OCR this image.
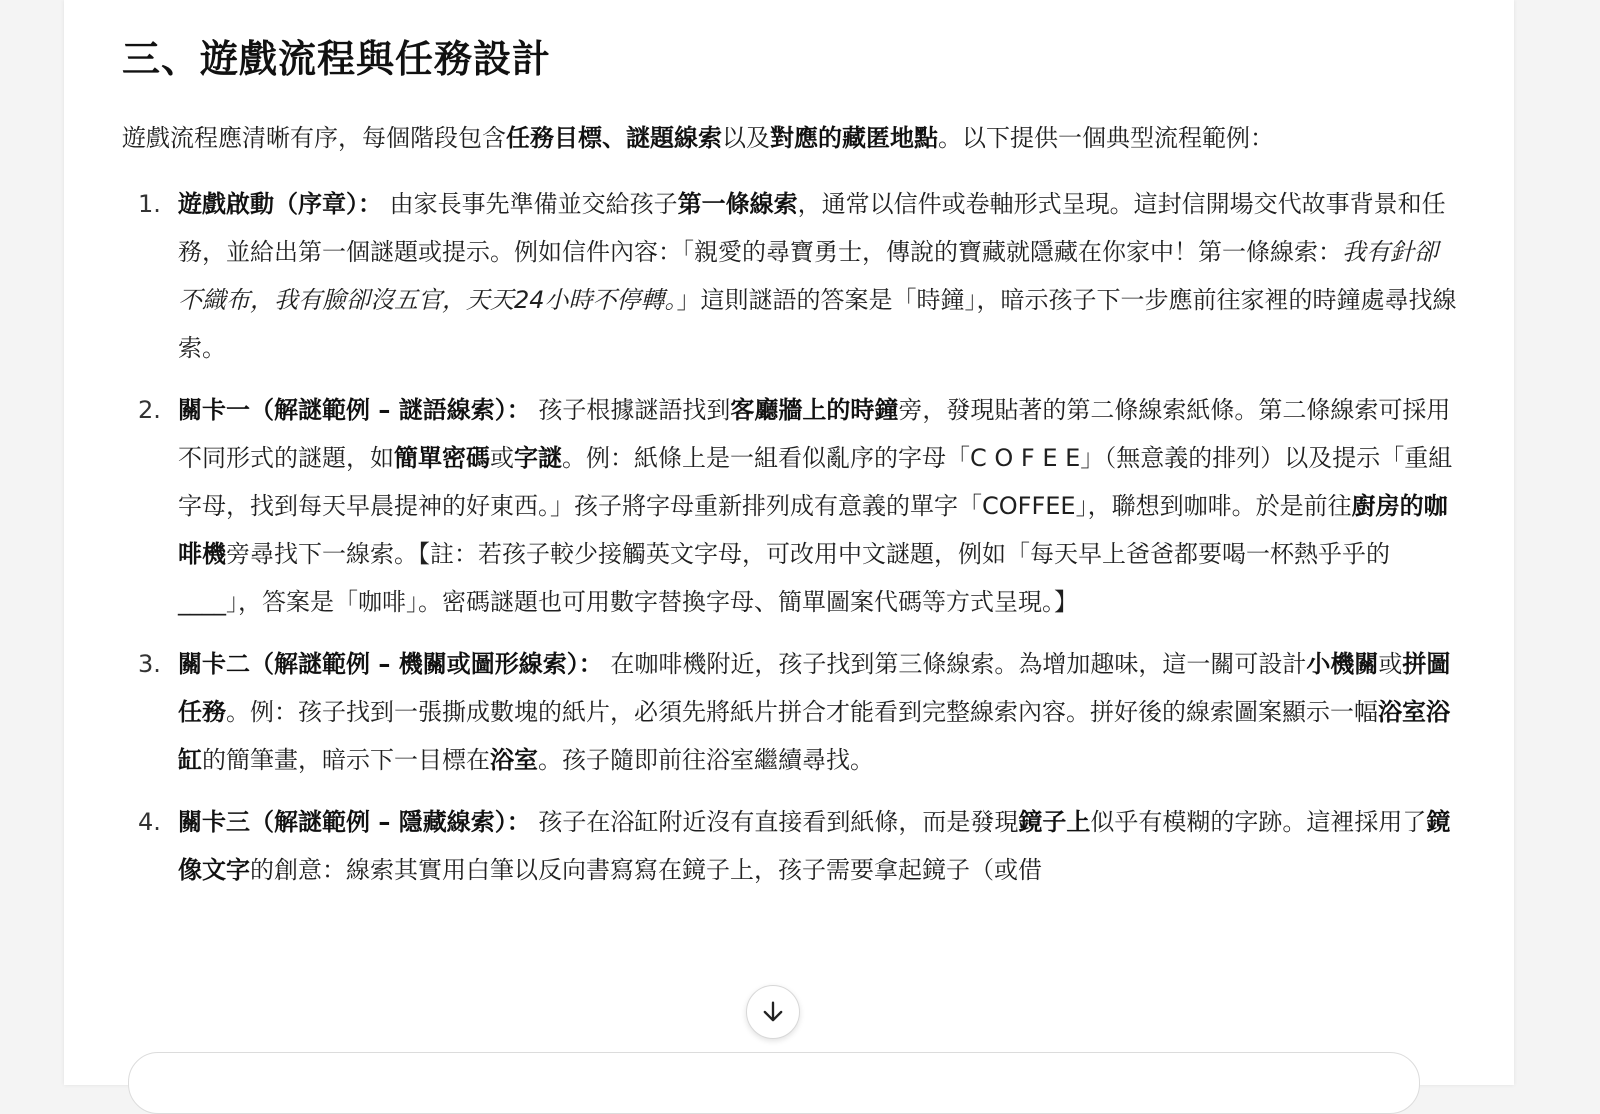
三、遊戲流程與任務設計

遊戲流程應清晰有序，每個階段包含任務目標、謎題線索以及對應的藏匿地點。以下提供一個典型流程範例：

1. 遊戲啟動（序章）： 由家長事先準備並交給孩子第一條線索，通常以信件或卷軸形式呈現。這封信開場交代故事背景和任務，並給出第一個謎題或提示。例如信件內容：「親愛的尋寶勇士，傳說的寶藏就隱藏在你家中！第一條線索：我有針卻不織布，我有臉卻沒五官，天天24小時不停轉。」這則謎語的答案是「時鐘」，暗示孩子下一步應前往家裡的時鐘處尋找線索。
2. 關卡一（解謎範例 – 謎語線索）： 孩子根據謎語找到客廳牆上的時鐘旁，發現貼著的第二條線索紙條。第二條線索可採用不同形式的謎題，如簡單密碼或字謎。例：紙條上是一組看似亂序的字母「C O F E E」（無意義的排列）以及提示「重組字母，找到每天早晨提神的好東西。」孩子將字母重新排列成有意義的單字「COFFEE」，聯想到咖啡。於是前往廚房的咖啡機旁尋找下一線索。【註：若孩子較少接觸英文字母，可改用中文謎題，例如「每天早上爸爸都要喝一杯熱乎乎的____」，答案是「咖啡」。密碼謎題也可用數字替換字母、簡單圖案代碼等方式呈現。】
3. 關卡二（解謎範例 – 機關或圖形線索）： 在咖啡機附近，孩子找到第三條線索。為增加趣味，這一關可設計小機關或拼圖任務。例：孩子找到一張撕成數塊的紙片，必須先將紙片拼合才能看到完整線索內容。拼好後的線索圖案顯示一幅浴室浴缸的簡筆畫，暗示下一目標在浴室。孩子隨即前往浴室繼續尋找。
4. 關卡三（解謎範例 – 隱藏線索）： 孩子在浴缸附近沒有直接看到紙條，而是發現鏡子上似乎有模糊的字跡。這裡採用了鏡像文字的創意：線索其實用白筆以反向書寫寫在鏡子上，孩子需要拿起鏡子（或借
